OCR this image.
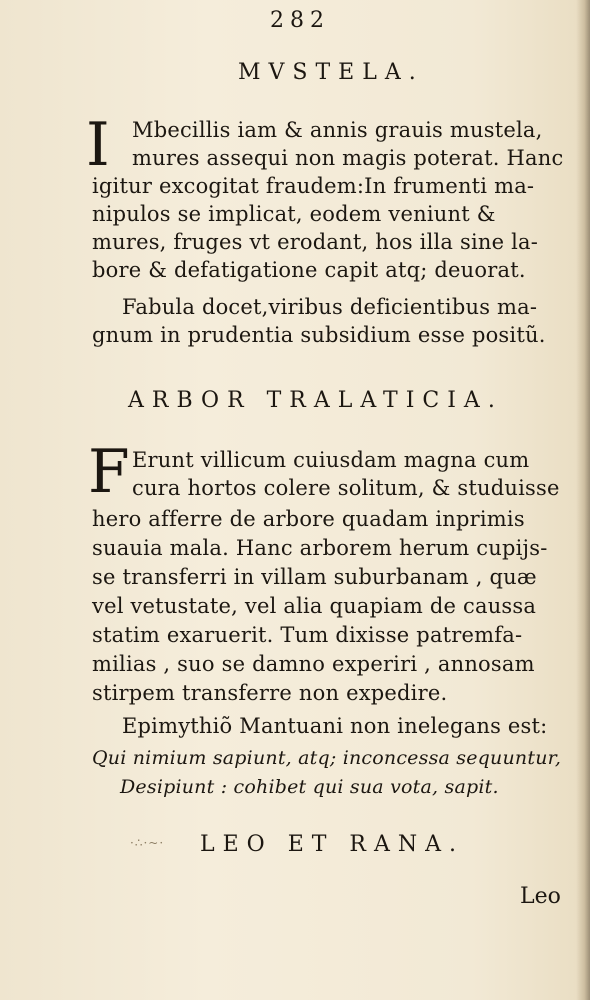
282
MVSTELA.
I Mbecillis iam & annis grauis mustela,
mures assequi non magis poterat. Hanc
igitur excogitat fraudem:In frumenti ma-
nipulos se implicat, eodem veniunt &
mures, fruges vt erodant, hos illa sine la-
bore & defatigatione capit atq; deuorat.
Fabula docet,viribus deficientibus ma-
gnum in prudentia subsidium esse positũ.
ARBOR TRALATICIA.
F Erunt villicum cuiusdam magna cum
cura hortos colere solitum, & studuisse
hero afferre de arbore quadam inprimis
suauia mala. Hanc arborem herum cupijs-
se transferri in villam suburbanam , quæ
vel vetustate, vel alia quapiam de caussa
statim exaruerit. Tum dixisse patremfa-
milias , suo se damno experiri , annosam
stirpem transferre non expedire.
Epimythiõ Mantuani non inelegans est:
Qui nimium sapiunt, atq; inconcessa sequuntur,
Desipiunt : cohibet qui sua vota, sapit.
·∴·~· LEO ET RANA.
Leo
